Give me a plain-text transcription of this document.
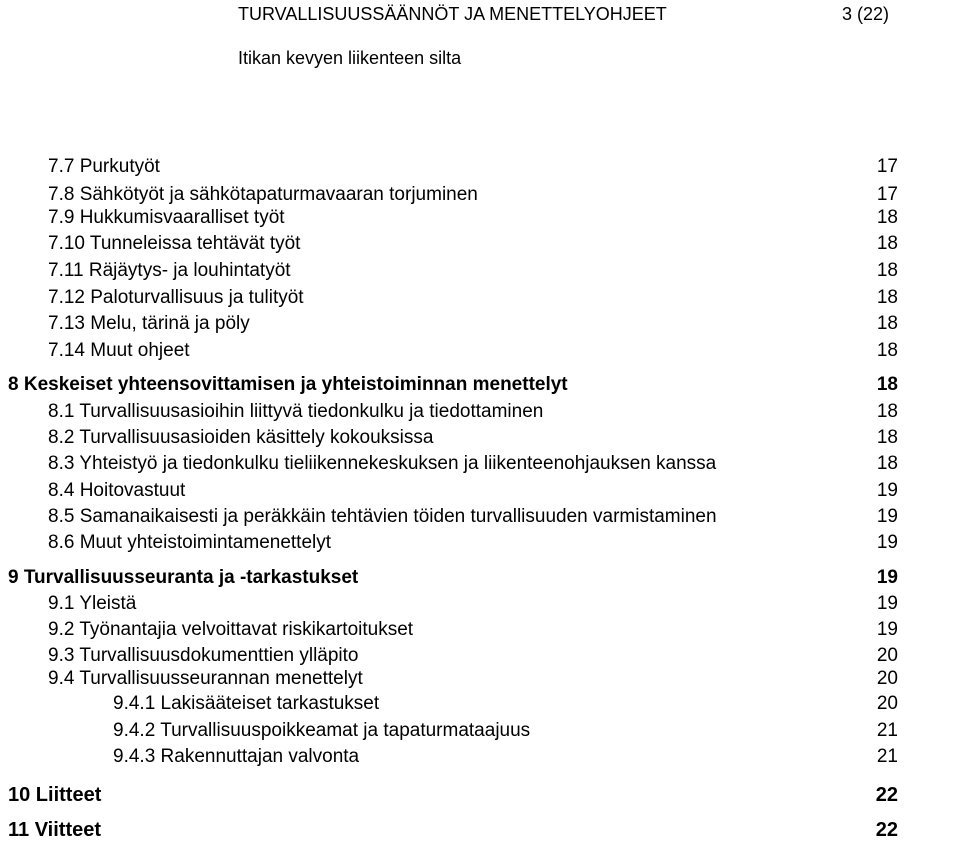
TURVALLISUUSSÄÄNNÖT JA MENETTELYOHJEET	3 (22)
Itikan kevyen liikenteen silta
7.7 Purkutyöt	17
7.8 Sähkötyöt ja sähkötapaturmavaaran torjuminen	17
7.9 Hukkumisvaaralliset työt	18
7.10 Tunneleissa tehtävät työt	18
7.11 Räjäytys- ja louhintatyöt	18
7.12 Paloturvallisuus ja tulityöt	18
7.13 Melu, tärinä ja pöly	18
7.14 Muut ohjeet	18
8 Keskeiset yhteensovittamisen ja yhteistoiminnan menettelyt	18
8.1 Turvallisuusasioihin liittyvä tiedonkulku ja tiedottaminen	18
8.2 Turvallisuusasioiden käsittely kokouksissa	18
8.3 Yhteistyö ja tiedonkulku tieliikennekeskuksen ja liikenteenohjauksen kanssa	18
8.4 Hoitovastuut	19
8.5 Samanaikaisesti ja peräkkäin tehtävien töiden turvallisuuden varmistaminen	19
8.6 Muut yhteistoimintamenettelyt	19
9 Turvallisuusseuranta ja -tarkastukset	19
9.1 Yleistä	19
9.2 Työnantajia velvoittavat riskikartoitukset	19
9.3 Turvallisuusdokumenttien ylläpito	20
9.4 Turvallisuusseurannan menettelyt	20
9.4.1 Lakisääteiset tarkastukset	20
9.4.2 Turvallisuuspoikkeamat ja tapaturmataajuus	21
9.4.3 Rakennuttajan valvonta	21
10 Liitteet	22
11 Viitteet	22
